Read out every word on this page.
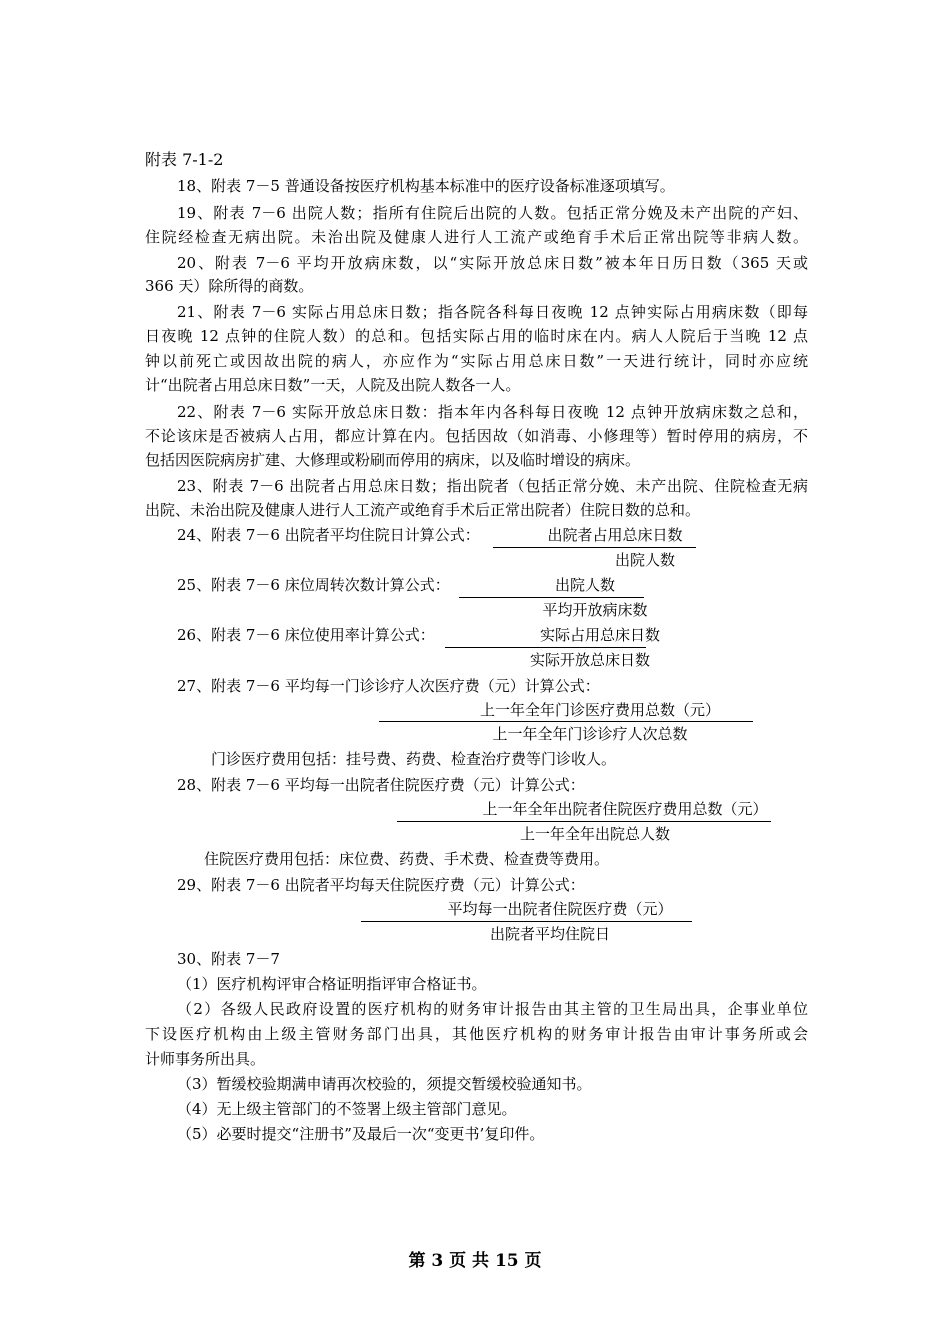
附表 7-1-2
18、附表 7－5 普通设备按医疗机构基本标准中的医疗设备标准逐项填写。
19、附表 7－6 出院人数；指所有住院后出院的人数。包括正常分娩及未产出院的产妇、
住院经检查无病出院。未治出院及健康人进行人工流产或绝育手术后正常出院等非病人数。
20、附表 7－6 平均开放病床数，以“实际开放总床日数”被本年日历日数（365 天或
366 天）除所得的商数。
21、附表 7－6 实际占用总床日数；指各院各科每日夜晚 12 点钟实际占用病床数（即每
日夜晚 12 点钟的住院人数）的总和。包括实际占用的临时床在内。病人人院后于当晚 12 点
钟以前死亡或因故出院的病人，亦应作为“实际占用总床日数”一天进行统计，同时亦应统
计“出院者占用总床日数”一天，人院及出院人数各一人。
22、附表 7－6 实际开放总床日数：指本年内各科每日夜晚 12 点钟开放病床数之总和，
不论该床是否被病人占用，都应计算在内。包括因故（如消毒、小修理等）暂时停用的病房，不
包括因医院病房扩建、大修理或粉刷而停用的病床，以及临时增设的病床。
23、附表 7－6 出院者占用总床日数；指出院者（包括正常分娩、未产出院、住院检查无病
出院、未治出院及健康人进行人工流产或绝育手术后正常出院者）住院日数的总和。
24、附表 7－6 出院者平均住院日计算公式：	出院者占用总床日数
出院人数
25、附表 7－6 床位周转次数计算公式：	出院人数
平均开放病床数
26、附表 7－6 床位使用率计算公式：	实际占用总床日数
实际开放总床日数
27、附表 7－6 平均每一门诊诊疗人次医疗费（元）计算公式：
上一年全年门诊医疗费用总数（元）
上一年全年门诊诊疗人次总数
门诊医疗费用包括：挂号费、药费、检查治疗费等门诊收人。
28、附表 7－6 平均每一出院者住院医疗费（元）计算公式：
上一年全年出院者住院医疗费用总数（元）
上一年全年出院总人数
住院医疗费用包括：床位费、药费、手术费、检查费等费用。
29、附表 7－6 出院者平均每天住院医疗费（元）计算公式：
平均每一出院者住院医疗费（元）
出院者平均住院日
30、附表 7－7
（1）医疗机构评审合格证明指评审合格证书。
（2）各级人民政府设置的医疗机构的财务审计报告由其主管的卫生局出具，企事业单位
下设医疗机构由上级主管财务部门出具，其他医疗机构的财务审计报告由审计事务所或会
计师事务所出具。
（3）暂缓校验期满申请再次校验的，须提交暂缓校验通知书。
（4）无上级主管部门的不签署上级主管部门意见。
（5）必要时提交“注册书”及最后一次“变更书’复印件。
第 3 页 共 15 页
